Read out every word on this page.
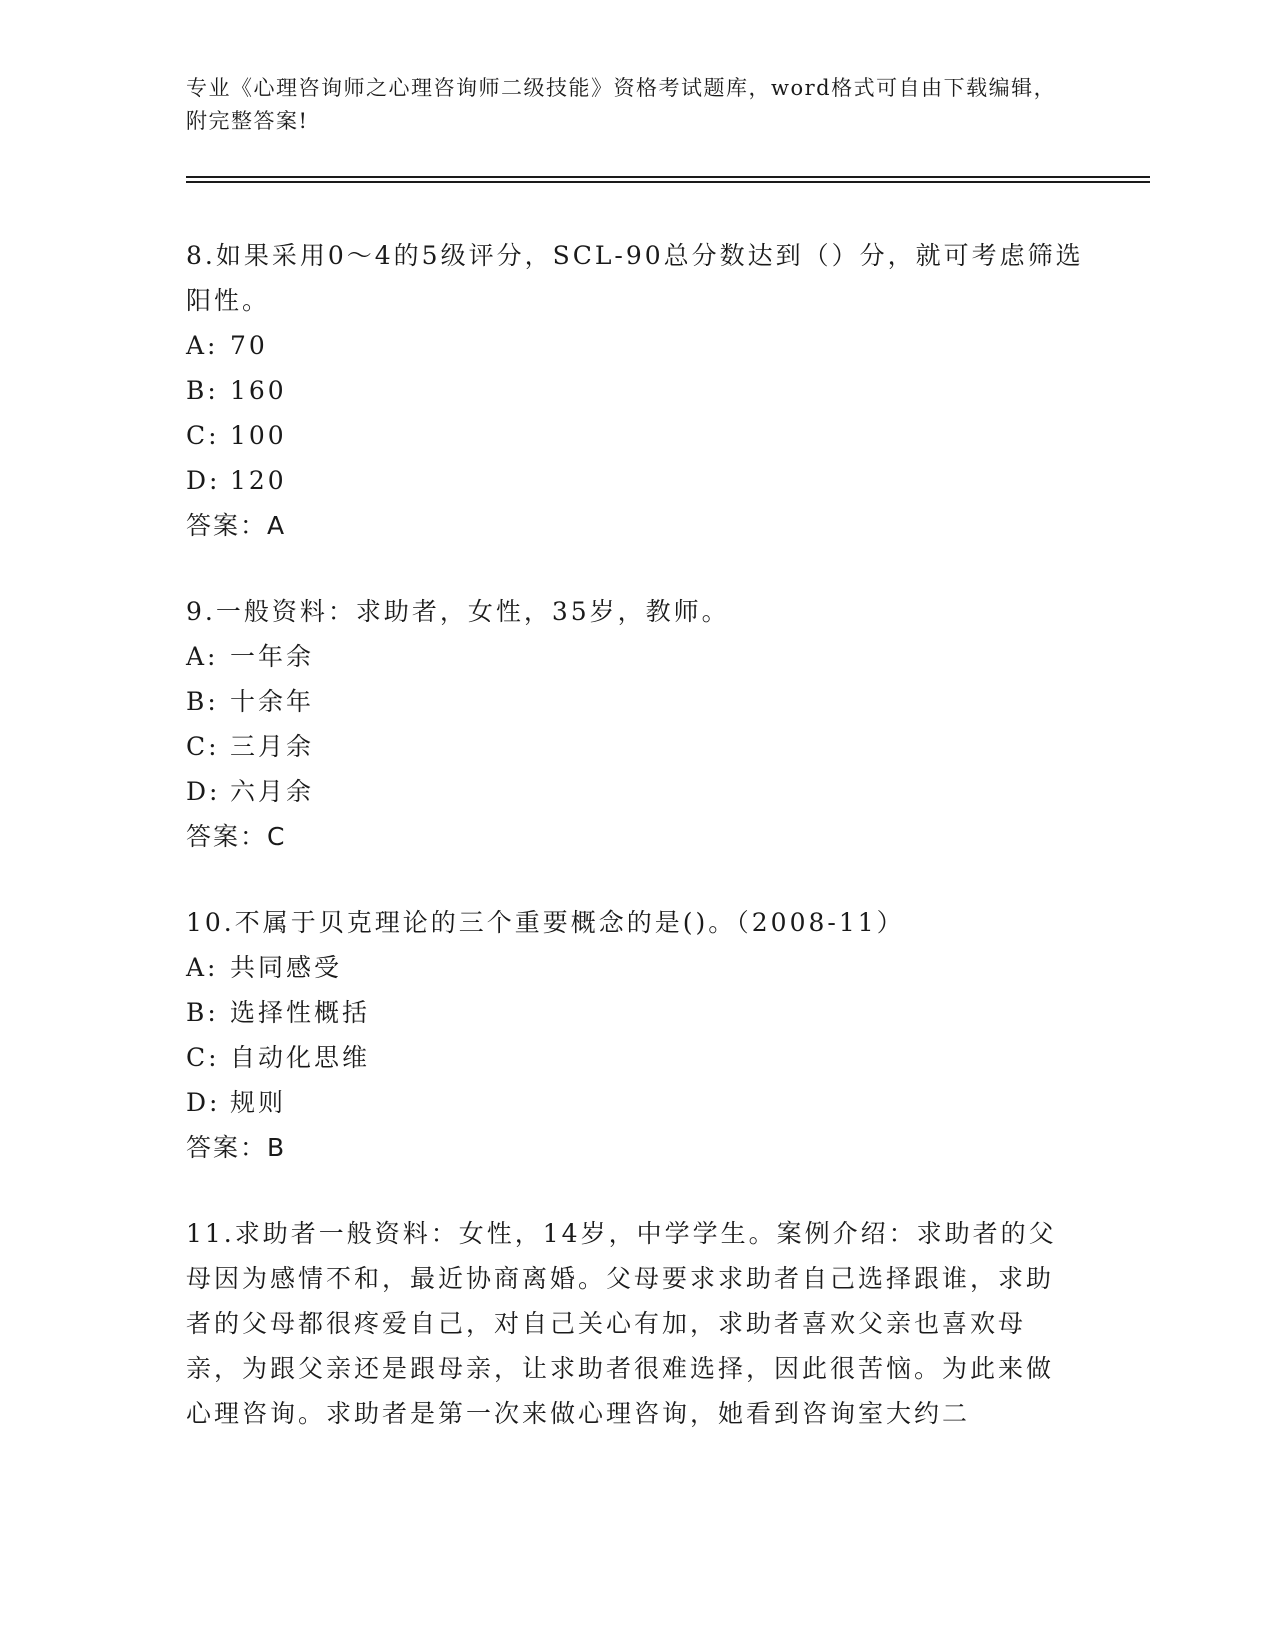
专业《心理咨询师之心理咨询师二级技能》资格考试题库，word格式可自由下载编辑，附完整答案!

8.如果采用0～4的5级评分，SCL-90总分数达到（）分，就可考虑筛选阳性。

A: 70
B: 160
C: 100
D: 120

答案：A

9.一般资料：求助者，女性，35岁，教师。

A: 一年余
B: 十余年
C: 三月余
D: 六月余

答案：C

10.不属于贝克理论的三个重要概念的是()。（2008-11）

A: 共同感受
B: 选择性概括
C: 自动化思维
D: 规则

答案：B

11.求助者一般资料：女性，14岁，中学学生。案例介绍：求助者的父母因为感情不和，最近协商离婚。父母要求求助者自己选择跟谁，求助者的父母都很疼爱自己，对自己关心有加，求助者喜欢父亲也喜欢母亲，为跟父亲还是跟母亲，让求助者很难选择，因此很苦恼。为此来做心理咨询。求助者是第一次来做心理咨询，她看到咨询室大约二
